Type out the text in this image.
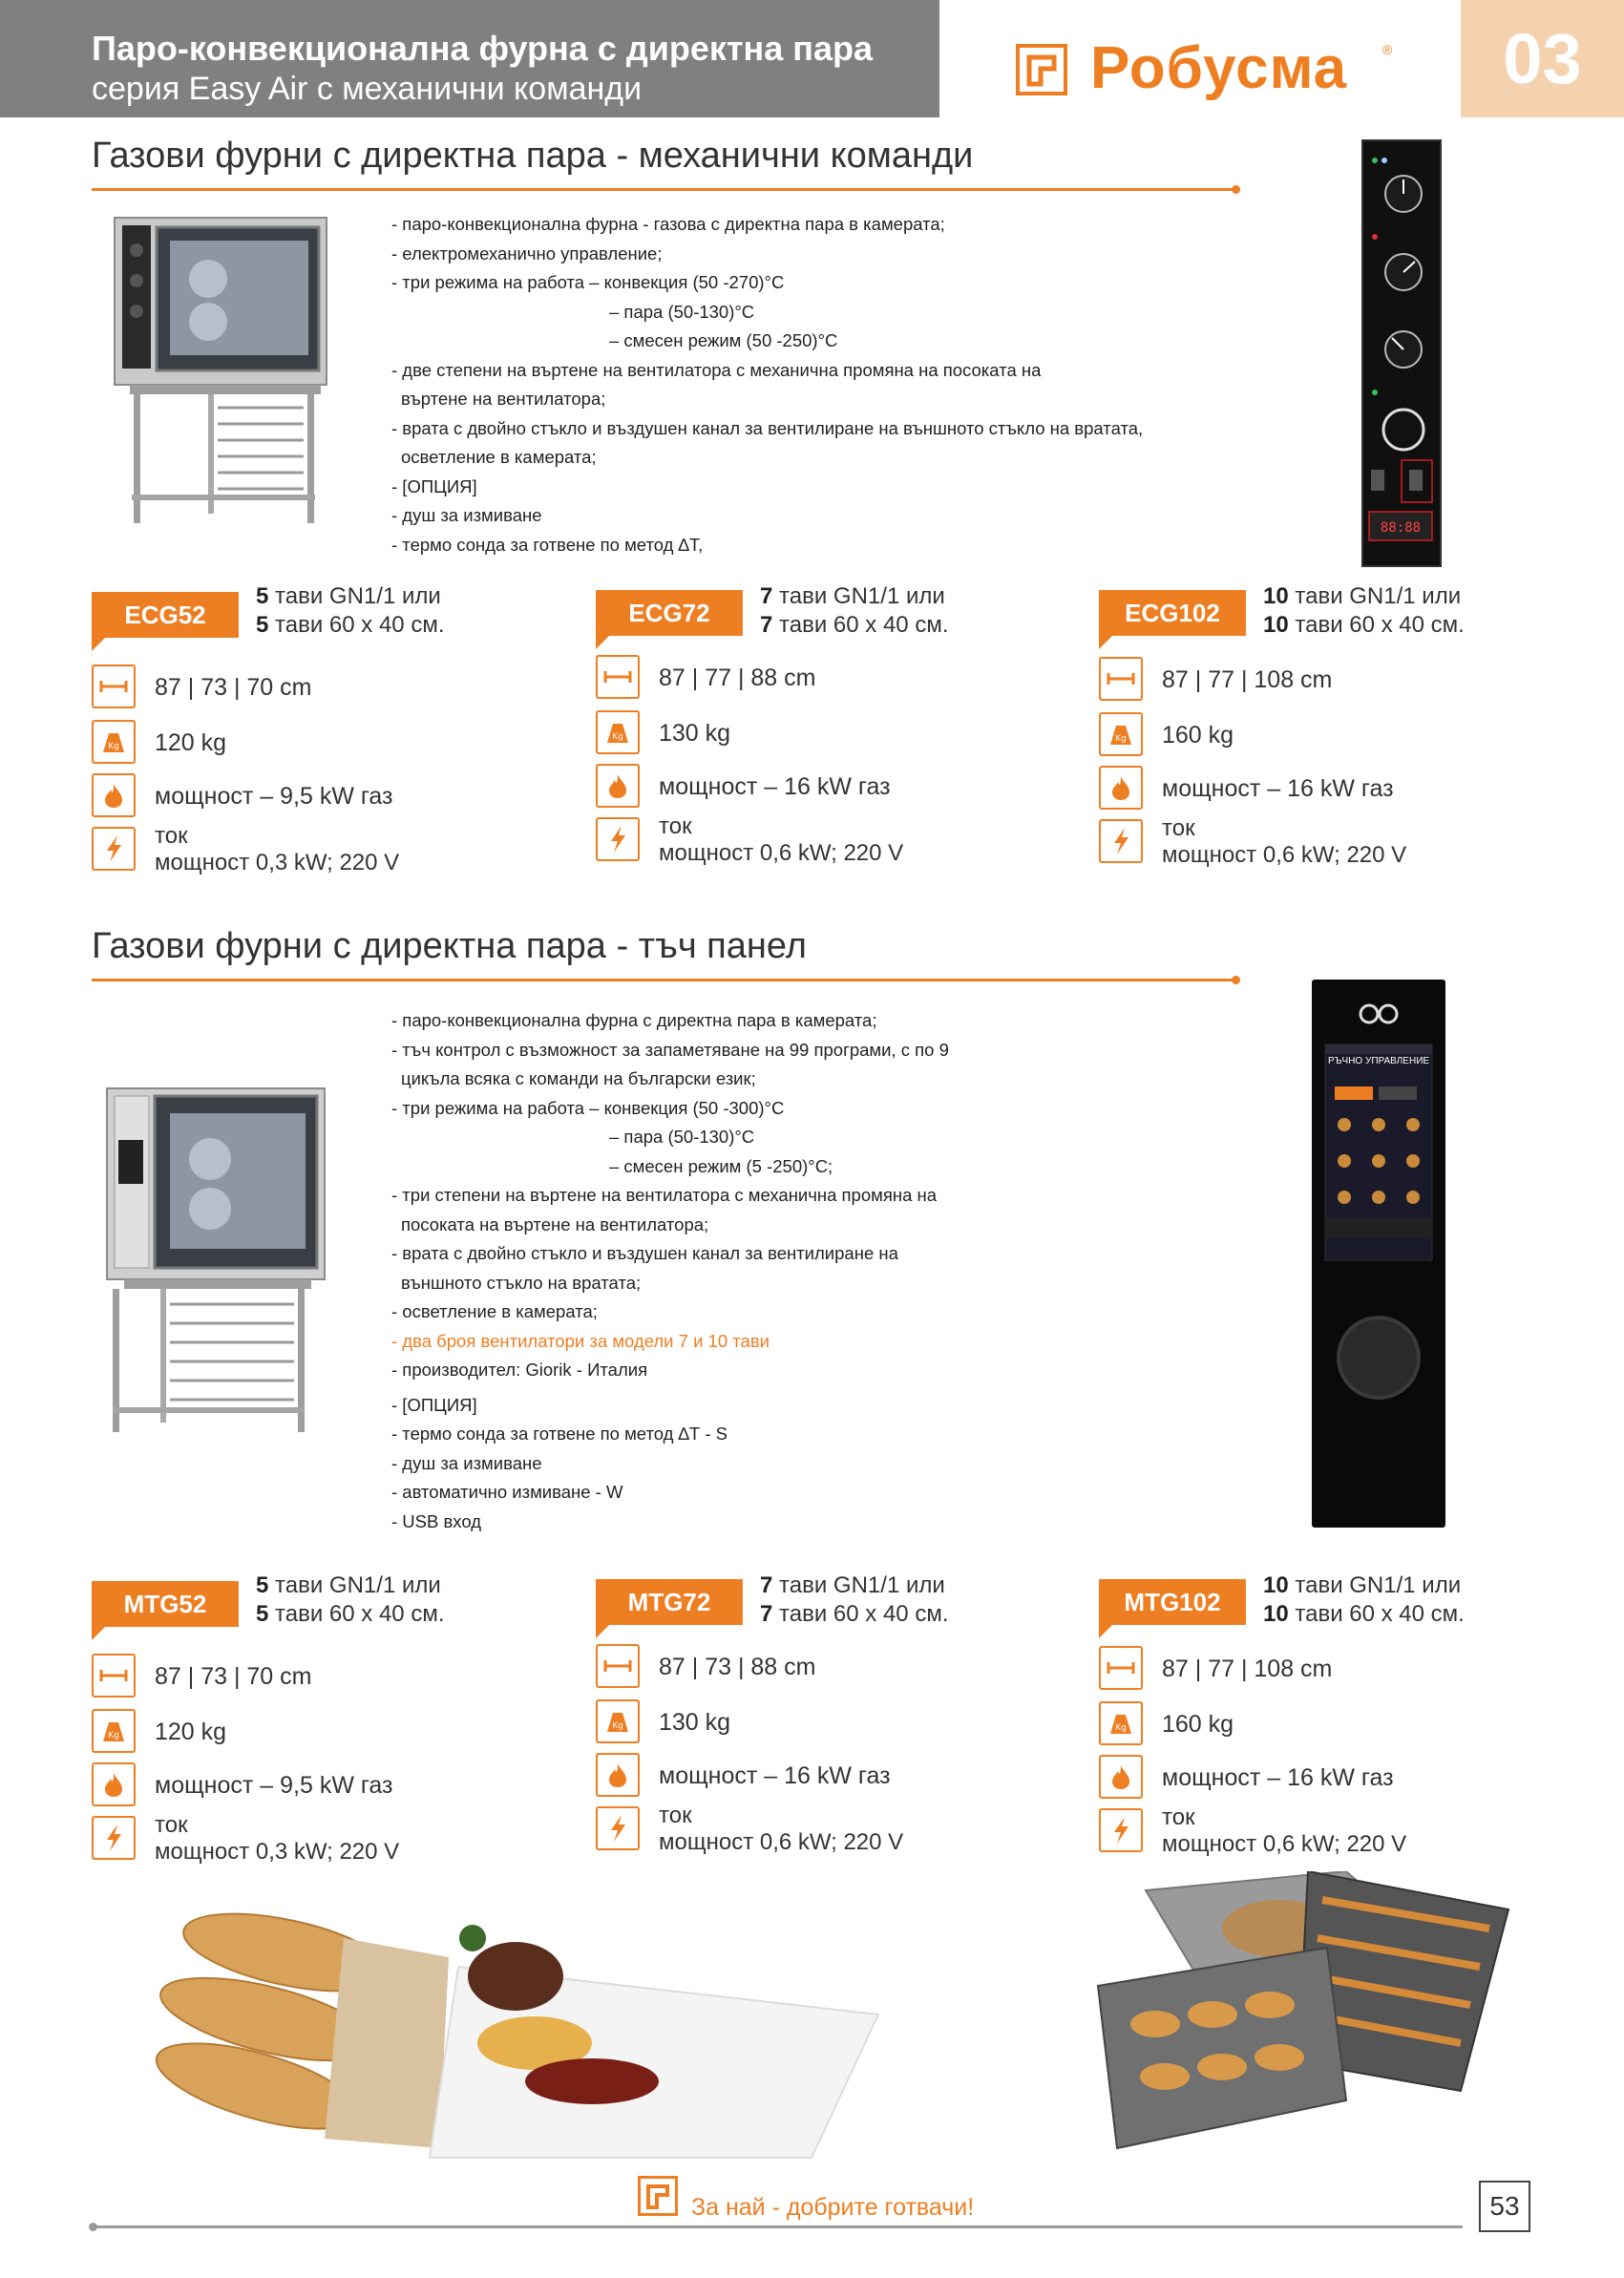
Паро-конвекционална фурна с директна пара
серия Easy Air с механични команди	Робусма	®	03
Газови фурни с директна пара - механични команди
- паро-конвекционална фурна - газова с директна пара в камерата;
- електромеханично управление;
- три режима на работа – конвекция (50 -270)°С
– пара (50-130)°С
– смесен режим (50 -250)°С
- две степени на въртене на вентилатора с механична промяна на посоката на
въртене на вентилатора;
- врата с двойно стъкло и въздушен канал за вентилиране на външното стъкло на вратата,
осветление в камерата;
- [ОПЦИЯ]
- душ за измиване
- термо сонда за готвене по метод ∆Т,
88:88
ECG52
5 тави GN1/1 или
5 тави 60 x 40 см.
87 | 73 | 70 cm
Kg 120 kg
мощност – 9,5 kW газ
ток
мощност 0,3 kW; 220 V
ECG72
7 тави GN1/1 или
7 тави 60 x 40 см.
87 | 77 | 88 cm
Kg 130 kg
мощност – 16 kW газ
ток
мощност 0,6 kW; 220 V
ECG102
10 тави GN1/1 или
10 тави 60 x 40 см.
87 | 77 | 108 cm
Kg 160 kg
мощност – 16 kW газ
ток
мощност 0,6 kW; 220 V
Газови фурни с директна пара - тъч панел
- паро-конвекционална фурна с директна пара в камерата;
- тъч контрол с възможност за запаметяване на 99 програми, с по 9
цикъла всяка с команди на български език;
- три режима на работа – конвекция (50 -300)°С
– пара (50-130)°С
– смесен режим (5 -250)°С;
- три степени на въртене на вентилатора с механична промяна на
посоката на въртене на вентилатора;
- врата с двойно стъкло и въздушен канал за вентилиране на
външното стъкло на вратата;
- осветление в камерата;
- два броя вентилатори за модели 7 и 10 тави
- производител: Giorik - Италия
- [ОПЦИЯ]
- термо сонда за готвене по метод ∆Т - S
- душ за измиване
- автоматично измиване - W
- USB вход
РЪЧНО УПРАВЛЕНИЕ
MTG52
5 тави GN1/1 или
5 тави 60 x 40 см.
87 | 73 | 70 cm
Kg 120 kg
мощност – 9,5 kW газ
ток
мощност 0,3 kW; 220 V
MTG72
7 тави GN1/1 или
7 тави 60 x 40 см.
87 | 73 | 88 cm
Kg 130 kg
мощност – 16 kW газ
ток
мощност 0,6 kW; 220 V
MTG102
10 тави GN1/1 или
10 тави 60 x 40 см.
87 | 77 | 108 cm
Kg 160 kg
мощност – 16 kW газ
ток
мощност 0,6 kW; 220 V
За най - добрите готвачи!	53
